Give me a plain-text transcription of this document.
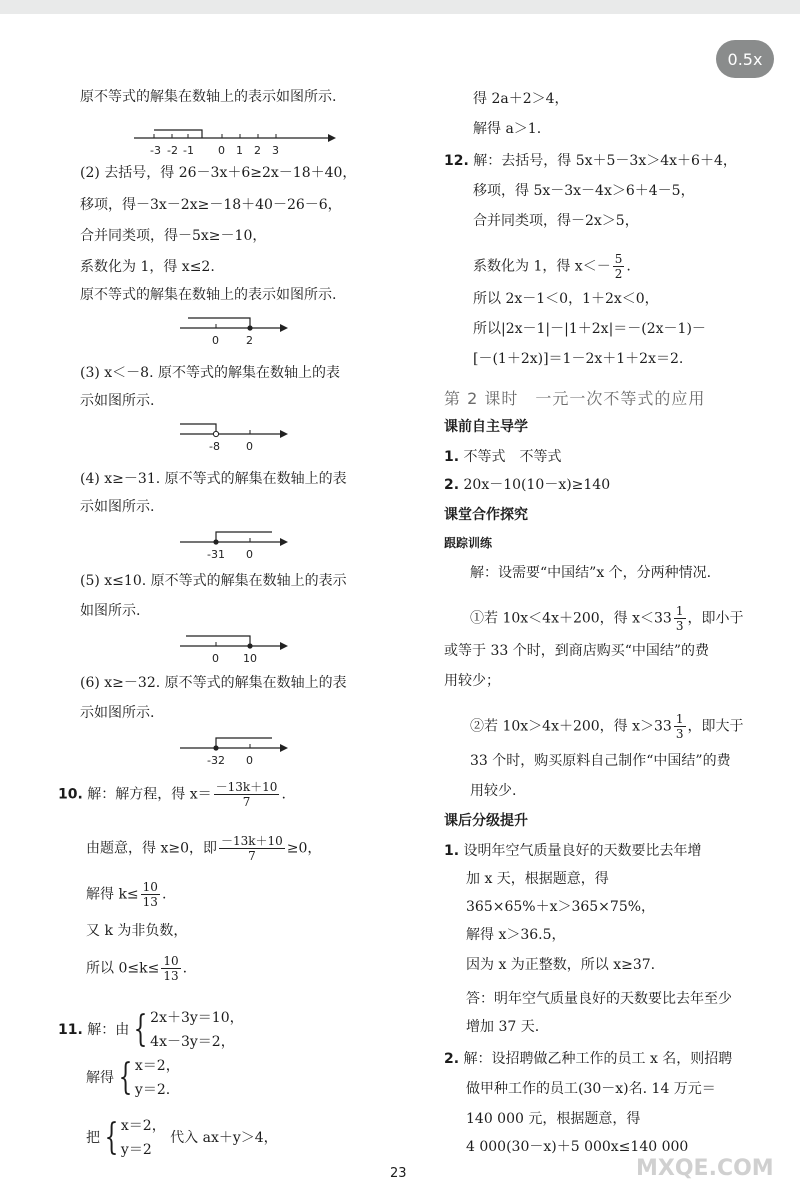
原不等式的解集在数轴上的表示如图所示.
-3 -2 -1 0 1 2 3
(2) 去括号，得 26－3x＋6≥2x－18＋40，
移项，得－3x－2x≥－18＋40－26－6，
合并同类项，得－5x≥－10，
系数化为 1，得 x≤2.
原不等式的解集在数轴上的表示如图所示.
0 2
(3) x＜－8. 原不等式的解集在数轴上的表
示如图所示.
-8 0
(4) x≥－31. 原不等式的解集在数轴上的表
示如图所示.
-31 0
(5) x≤10. 原不等式的解集在数轴上的表示
如图所示.
0 10
(6) x≥－32. 原不等式的解集在数轴上的表
示如图所示.
-32 0
10. 解：解方程，得 $x= \frac{-13k+10}{7}$ .
由题意，得 x≥0，即 $\frac{-13k+10}{7} \ge 0$，
解得 $k\le \frac{10}{13}$ .
又 k 为非负数，
所以 $0\le k\le \frac{10}{13}$ .
11. 解：由 { 2x＋3y＝10，
4x－3y＝2，
解得 { x＝2，
y＝2.
把 { x＝2，
y＝2
代入 ax＋y＞4，
得 2a＋2＞4，
解得 a＞1.
12. 解：去括号，得 5x＋5－3x＞4x＋6＋4，
移项，得 5x－3x－4x＞6＋4－5，
合并同类项，得－2x＞5，
系数化为 1，得 $x<- \frac{5}{2}$ .
所以 2x－1＜0，1＋2x＜0，
所以|2x－1|－|1＋2x|＝－(2x－1)－
[－(1＋2x)]＝1－2x＋1＋2x＝2.
第 2 课时　一元一次不等式的应用
课前自主导学
1. 不等式　不等式
2. 20x－10(10－x)≥140
课堂合作探究
跟踪训练
解：设需要“中国结”x 个，分两种情况.
①若 10x＜4x＋200，得 $x<33 \frac{1}{3}$ ，即小于
或等于 33 个时，到商店购买“中国结”的费
用较少；
②若 10x＞4x＋200，得 $x>33 \frac{1}{3}$ ，即大于
33 个时，购买原料自己制作“中国结”的费
用较少.
课后分级提升
1. 设明年空气质量良好的天数要比去年增
加 x 天，根据题意，得
365×65%＋x＞365×75%，
解得 x＞36.5，
因为 x 为正整数，所以 x≥37.
答：明年空气质量良好的天数要比去年至少
增加 37 天.
2. 解：设招聘做乙种工作的员工 x 名，则招聘
做甲种工作的员工(30－x)名. 14 万元＝
140 000 元，根据题意，得
4 000(30－x)＋5 000x≤140 000
23
0.5x
MXQE.COM
